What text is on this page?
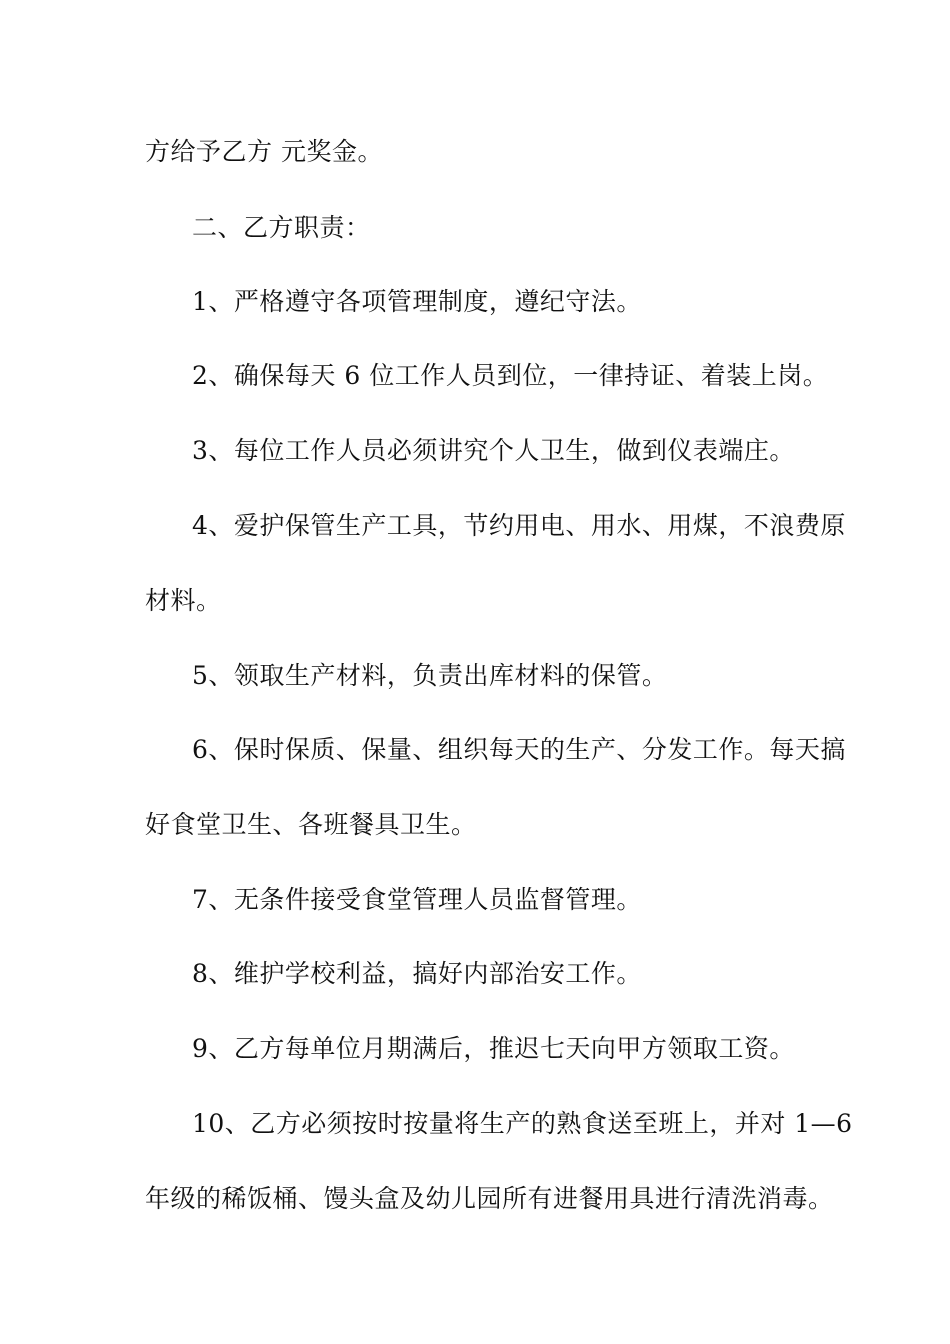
方给予乙方 元奖金。
二、乙方职责：
1、严格遵守各项管理制度，遵纪守法。
2、确保每天 6 位工作人员到位，一律持证、着装上岗。
3、每位工作人员必须讲究个人卫生，做到仪表端庄。
4、爱护保管生产工具，节约用电、用水、用煤，不浪费原
材料。
5、领取生产材料，负责出库材料的保管。
6、保时保质、保量、组织每天的生产、分发工作。每天搞
好食堂卫生、各班餐具卫生。
7、无条件接受食堂管理人员监督管理。
8、维护学校利益，搞好内部治安工作。
9、乙方每单位月期满后，推迟七天向甲方领取工资。
10、乙方必须按时按量将生产的熟食送至班上，并对 1—6
年级的稀饭桶、馒头盒及幼儿园所有进餐用具进行清洗消毒。
